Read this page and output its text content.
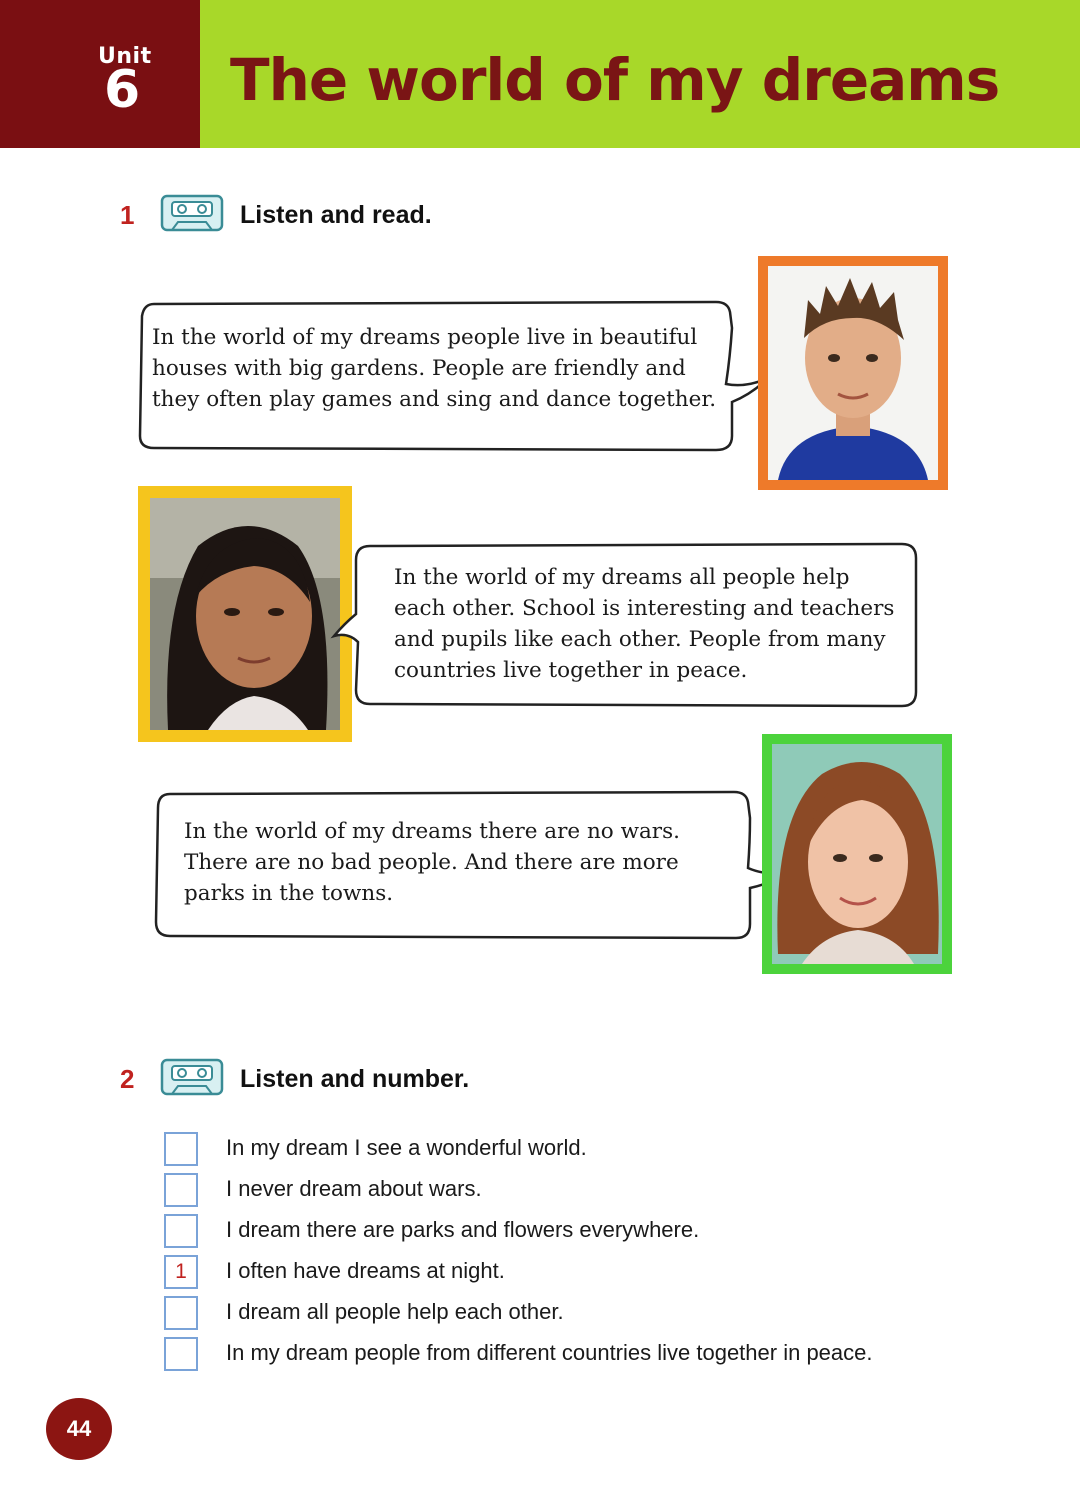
Unit
6 The world of my dreams
1	Listen and read.
In the world of my dreams people live in beautiful houses with big gardens. People are friendly and they often play games and sing and dance together.
In the world of my dreams all people help each other. School is interesting and teachers and pupils like each other. People from many countries live together in peace.
In the world of my dreams there are no wars. There are no bad people. And there are more parks in the towns.
2	Listen and number.
In my dream I see a wonderful world.
I never dream about wars.
I dream there are parks and flowers everywhere.
1	I often have dreams at night.
I dream all people help each other.
In my dream people from different countries live together in peace.
44
